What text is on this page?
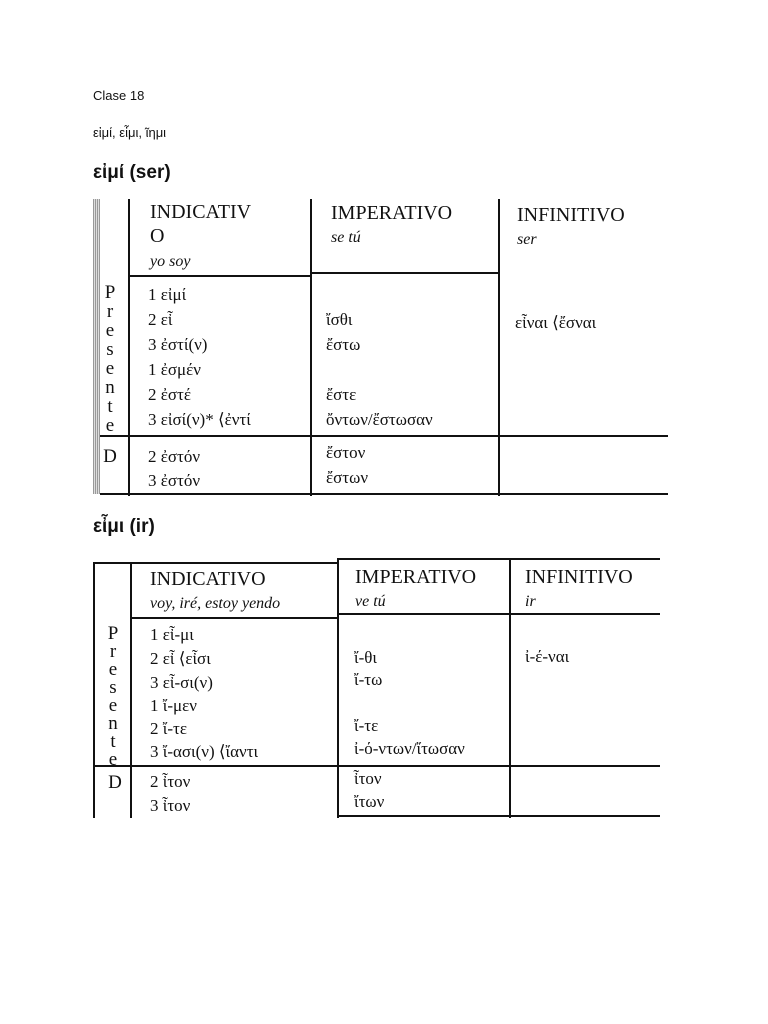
Clase 18
εἰμί, εἶμι, ῖημι
εἰμί (ser)
INDICATIV
O
yo soy
IMPERATIVO
se tú
INFINITIVO
ser
P
r
e
s
e
n
t
e
D
1 εἰμί
2 εἶ
3 ἐστί(ν)
1 ἐσμέν
2 ἐστέ
3 εἰσί(ν)* ⟨ἐντί
ἴσθι
ἔστω
ἔστε
ὄντων/ἔστωσαν
εἶναι ⟨ἔσναι
2 ἐστόν
3 ἐστόν
ἔστον
ἔστων
εἶμι (ir)
INDICATIVO
voy, iré, estoy yendo
IMPERATIVO
ve tú
INFINITIVO
ir
P
r
e
s
e
n
t
e
D
1 εἶ-μι
2 εἶ ⟨εἶσι
3 εἶ-σι(ν)
1 ἴ-μεν
2 ἴ-τε
3 ἴ-ασι(ν) ⟨ἴαντι
ἴ-θι
ἴ-τω
ἴ-τε
ἰ-ό-ντων/ἴτωσαν
ἰ-έ-ναι
2 ἶτον
3 ἶτον
ἶτον
ἴτων
